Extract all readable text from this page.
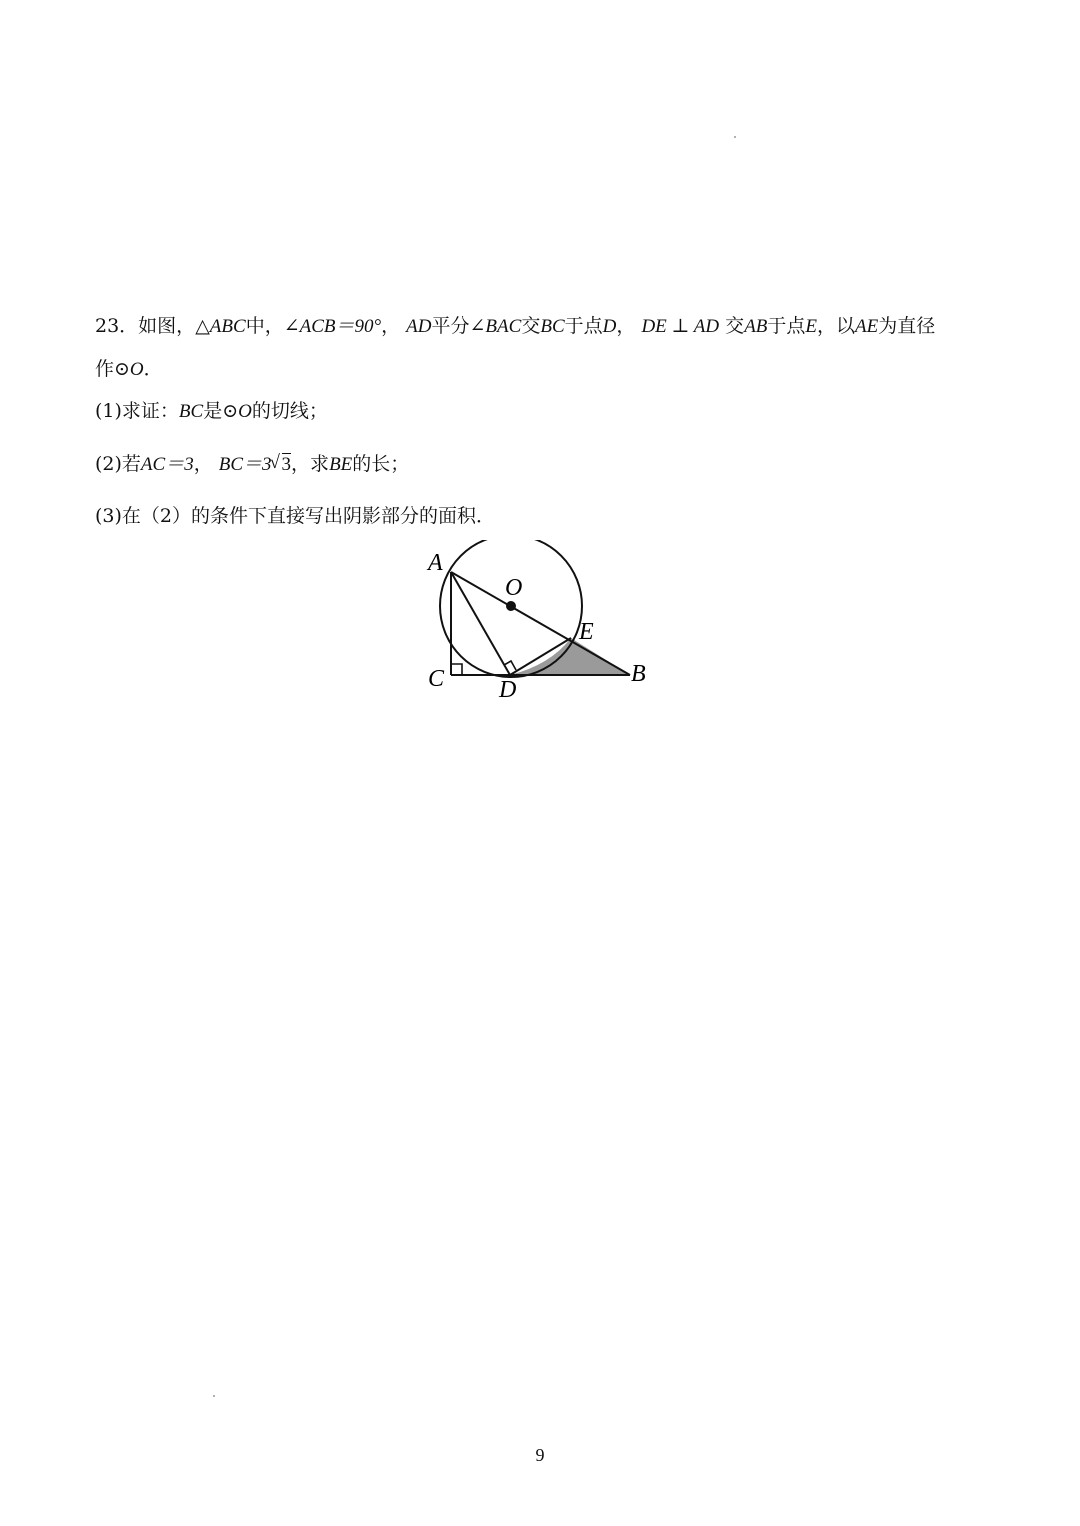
23．如图，△ABC中，∠ACB＝90°， AD平分∠BAC交BC于点D， DE ⊥ AD 交AB于点E，以AE为直径
作⊙O．
(1)求证：BC是⊙O的切线；
(2)若AC＝3， BC＝3√ 3，求BE的长；
(3)在（2）的条件下直接写出阴影部分的面积．
A
O
E
C D
B
9
